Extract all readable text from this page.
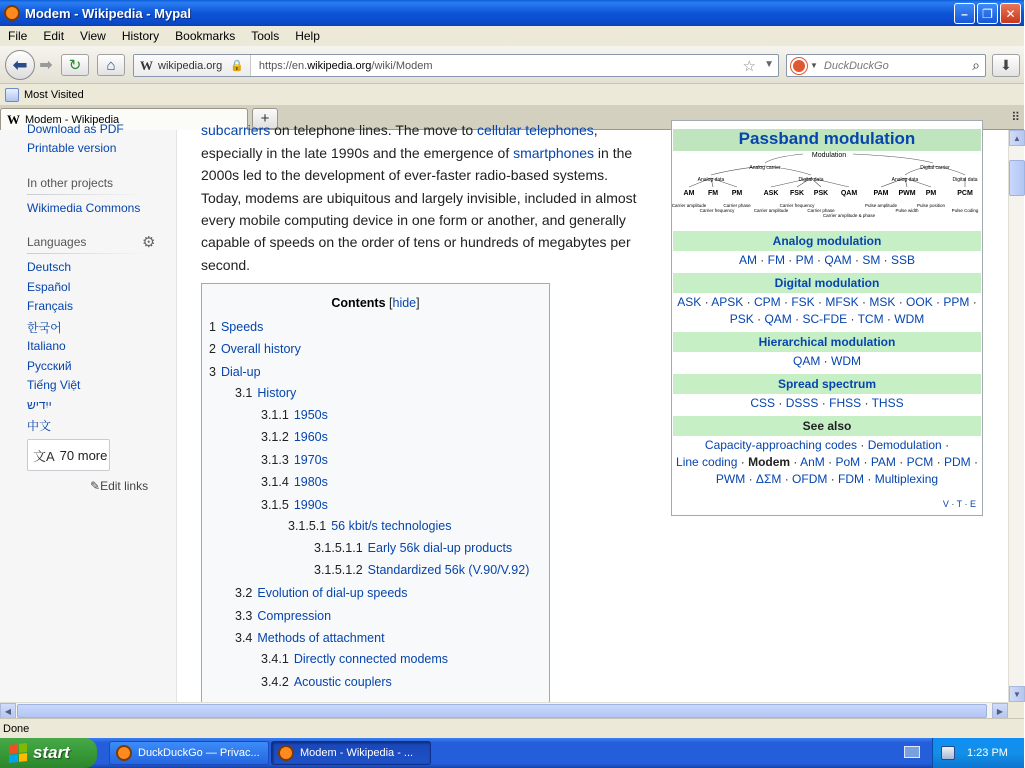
Modem - Wikipedia - Mypal	–	❐	✕
File	Edit	View	History	Bookmarks	Tools	Help
⬅ ➡ ↻ ⌂ W wikipedia.org 🔒 https://en.wikipedia.org/wiki/Modem	☆ ▼	▼ DuckDuckGo	⌕ ⬇
Most Visited
W Modem - Wikipedia	+	⠿
Download as PDF
Printable version
In other projects
Wikimedia Commons
Languages	⚙
Deutsch
Español
Français
한국어
Italiano
Русский
Tiếng Việt
ייִדיש
中文
文A 70 more
✎Edit links
subcarriers on telephone lines. The move to cellular telephones,
especially in the late 1990s and the emergence of smartphones in the
2000s led to the development of ever-faster radio-based systems.
Today, modems are ubiquitous and largely invisible, included in almost
every mobile computing device in one form or another, and generally
capable of speeds on the order of tens or hundreds of megabytes per
second.
Contents [hide]
1 Speeds
2 Overall history
3 Dial-up
3.1 History
3.1.1 1950s
3.1.2 1960s
3.1.3 1970s
3.1.4 1980s
3.1.5 1990s
3.1.5.1 56 kbit/s technologies
3.1.5.1.1 Early 56k dial-up products
3.1.5.1.2 Standardized 56k (V.90/V.92)
3.2 Evolution of dial-up speeds
3.3 Compression
3.4 Methods of attachment
3.4.1 Directly connected modems
3.4.2 Acoustic couplers
Passband modulation
Modulation
Analog carrier	Digital carrier
Analog data	Digital data	Analog data	Digital data
AM FM PM	ASK FSK PSK QAM PAM PWM PM	PCM
Carrier amplitude
Carrier frequency
Carrier phase
Carrier amplitude
Carrier frequency
Carrier phase
Carrier amplitude & phase
Pulse amplitude
Pulse width
Pulse position
Pulse Coding
Analog modulation
AM · FM · PM · QAM · SM · SSB
Digital modulation
ASK · APSK · CPM · FSK · MFSK · MSK · OOK · PPM ·
PSK · QAM · SC-FDE · TCM · WDM
Hierarchical modulation
QAM · WDM
Spread spectrum
CSS · DSSS · FHSS · THSS
See also
Capacity-approaching codes · Demodulation ·
Line coding · Modem · AnM · PoM · PAM · PCM · PDM ·
PWM · ΔΣM · OFDM · FDM · Multiplexing
V · T · E
▲
▼
◀	▶
Done
start	DuckDuckGo — Privac...	Modem - Wikipedia - ...	1:23 PM
